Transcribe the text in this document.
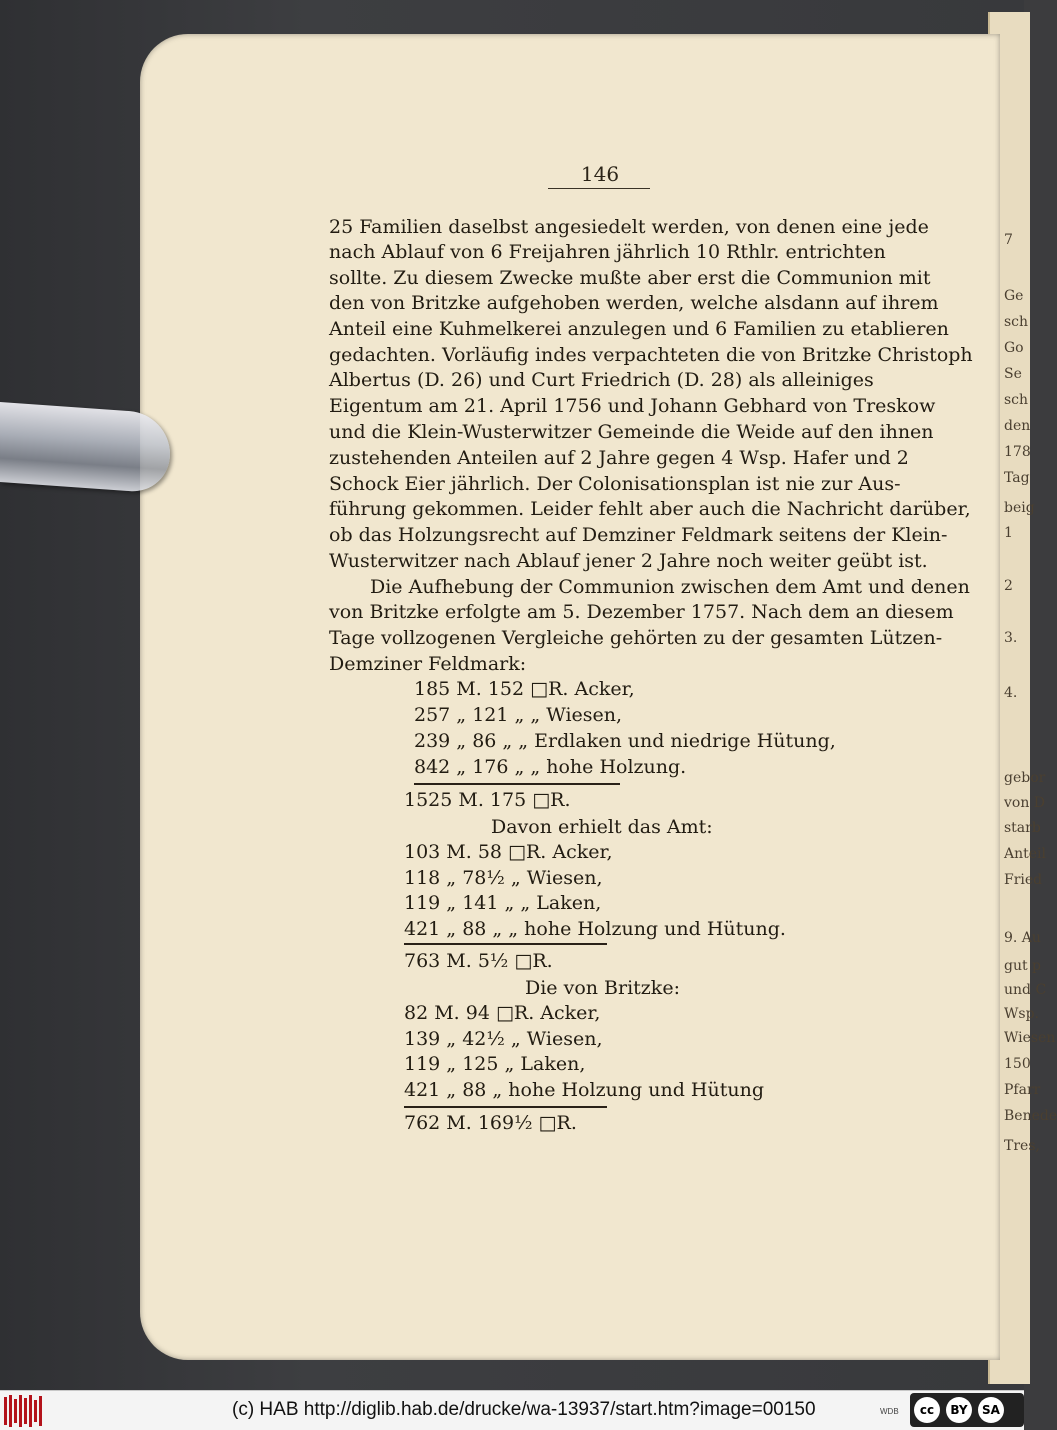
7
Ge
sch
Go
Se
sch
den
178
Tag
beig
1
2
3.
4.
gebor
von D
starb
Anteil
Fried
9. Au
gut p
und C
Wsp.
Wiesen
150
Pfarr
Benede
Tres,
146
25 Familien daselbst angesiedelt werden, von denen eine jede
nach Ablauf von 6 Freijahren jährlich 10 Rthlr. entrichten
sollte. Zu diesem Zwecke mußte aber erst die Communion mit
den von Britzke aufgehoben werden, welche alsdann auf ihrem
Anteil eine Kuhmelkerei anzulegen und 6 Familien zu etablieren
gedachten. Vorläufig indes verpachteten die von Britzke Christoph
Albertus (D. 26) und Curt Friedrich (D. 28) als alleiniges
Eigentum am 21. April 1756 und Johann Gebhard von Treskow
und die Klein-Wusterwitzer Gemeinde die Weide auf den ihnen
zustehenden Anteilen auf 2 Jahre gegen 4 Wsp. Hafer und 2
Schock Eier jährlich. Der Colonisationsplan ist nie zur Aus-
führung gekommen. Leider fehlt aber auch die Nachricht darüber,
ob das Holzungsrecht auf Demziner Feldmark seitens der Klein-
Wusterwitzer nach Ablauf jener 2 Jahre noch weiter geübt ist.
Die Aufhebung der Communion zwischen dem Amt und denen
von Britzke erfolgte am 5. Dezember 1757. Nach dem an diesem
Tage vollzogenen Vergleiche gehörten zu der gesamten Lützen-
Demziner Feldmark:
185 M. 152 □R. Acker,
257 „ 121 „ „ Wiesen,
239 „ 86 „ „ Erdlaken und niedrige Hütung,
842 „ 176 „ „ hohe Holzung.
1525 M. 175 □R.
Davon erhielt das Amt:
103 M. 58 □R. Acker,
118 „ 78½ „ Wiesen,
119 „ 141 „ „ Laken,
421 „ 88 „ „ hohe Holzung und Hütung.
763 M. 5½ □R.
Die von Britzke:
82 M. 94 □R. Acker,
139 „ 42½ „ Wiesen,
119 „ 125 „ Laken,
421 „ 88 „ hohe Holzung und Hütung
762 M. 169½ □R.
(c) HAB http://diglib.hab.de/drucke/wa-13937/start.htm?image=00150	WDB	cc	BY	SA
